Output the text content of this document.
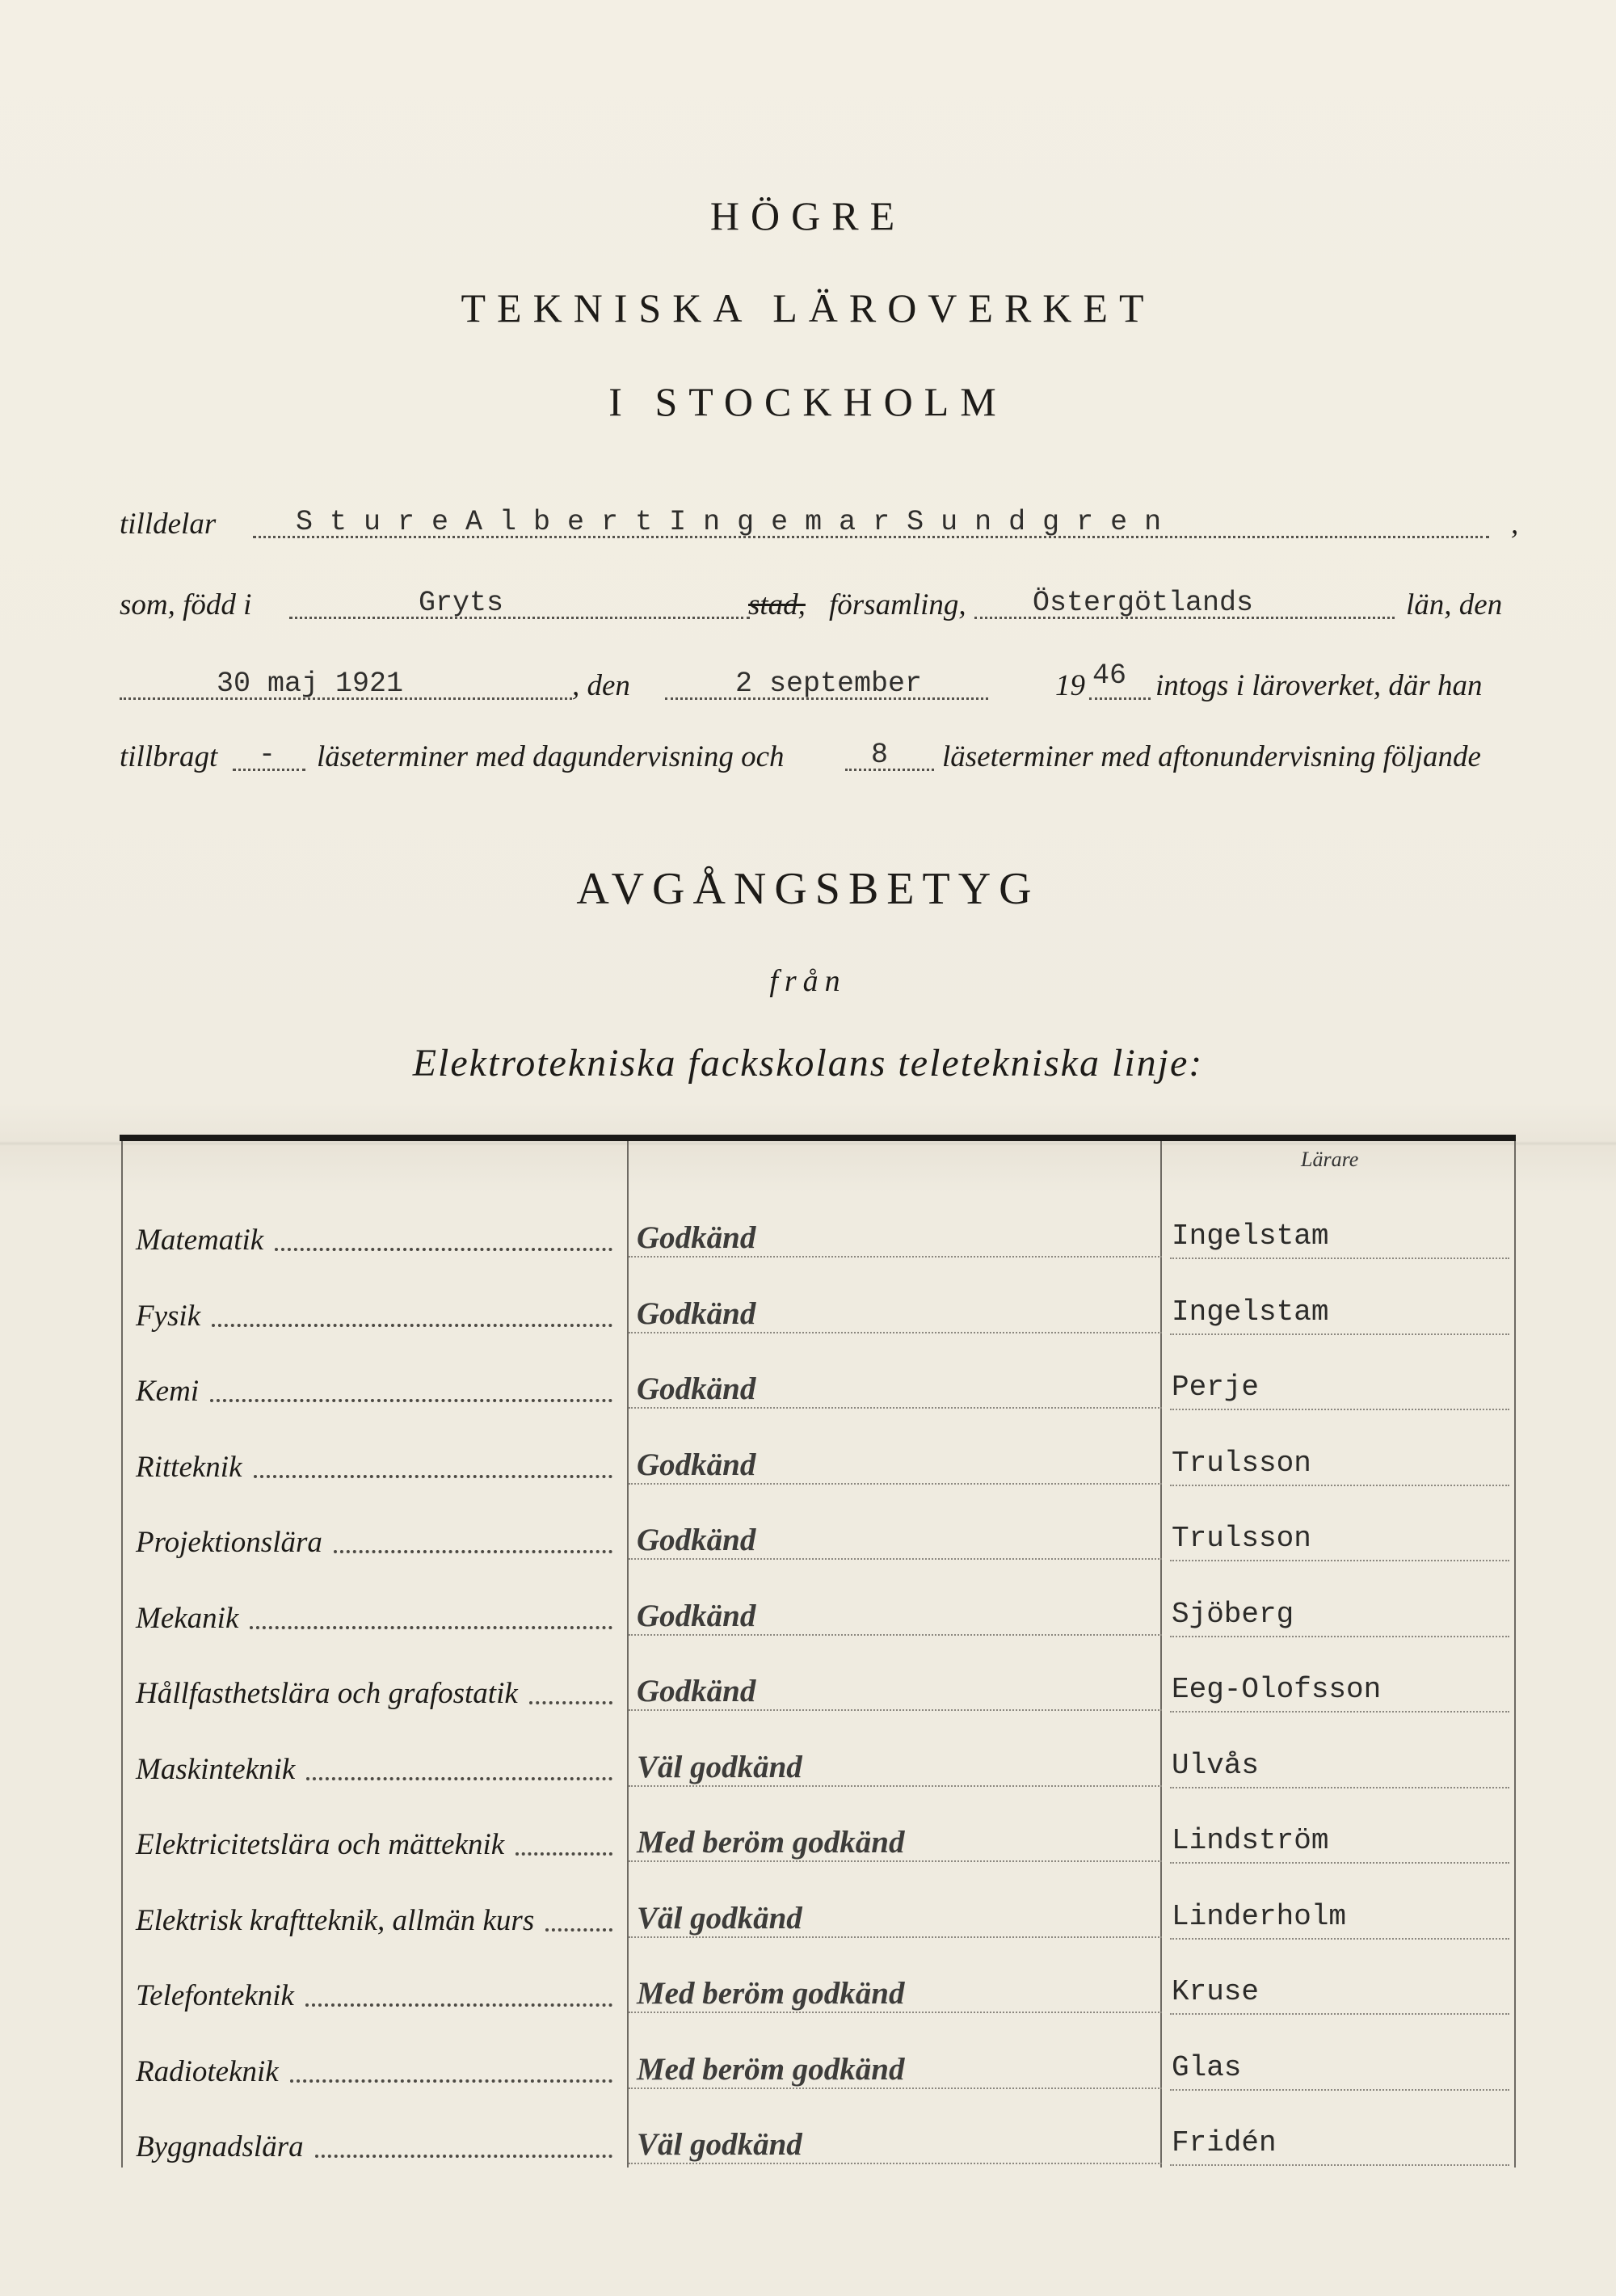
HÖGRE
TEKNISKA LÄROVERKET
I STOCKHOLM
tilldelar	S t u r e A l b e r t I n g e m a r S u n d g r e n	,
som, född i	Gryts	stad, församling, Östergötlands	län, den
30 maj 1921	, den	2 september	19 46 intogs i läroverket, där han
tillbragt - läseterminer med dagundervisning och	8 läseterminer med aftonundervisning följande
AVGÅNGSBETYG
från
Elektrotekniska fackskolans teletekniska linje:
Lärare
Matematik	Godkänd	Ingelstam
Fysik	Godkänd	Ingelstam
Kemi	Godkänd	Perje
Ritteknik	Godkänd	Trulsson
Projektionslära	Godkänd	Trulsson
Mekanik	Godkänd	Sjöberg
Hållfasthetslära och grafostatik	Godkänd	Eeg-Olofsson
Maskinteknik	Väl godkänd	Ulvås
Elektricitetslära och mätteknik	Med beröm godkänd	Lindström
Elektrisk kraftteknik, allmän kurs	Väl godkänd	Linderholm
Telefonteknik	Med beröm godkänd	Kruse
Radioteknik	Med beröm godkänd	Glas
Byggnadslära	Väl godkänd	Fridén
